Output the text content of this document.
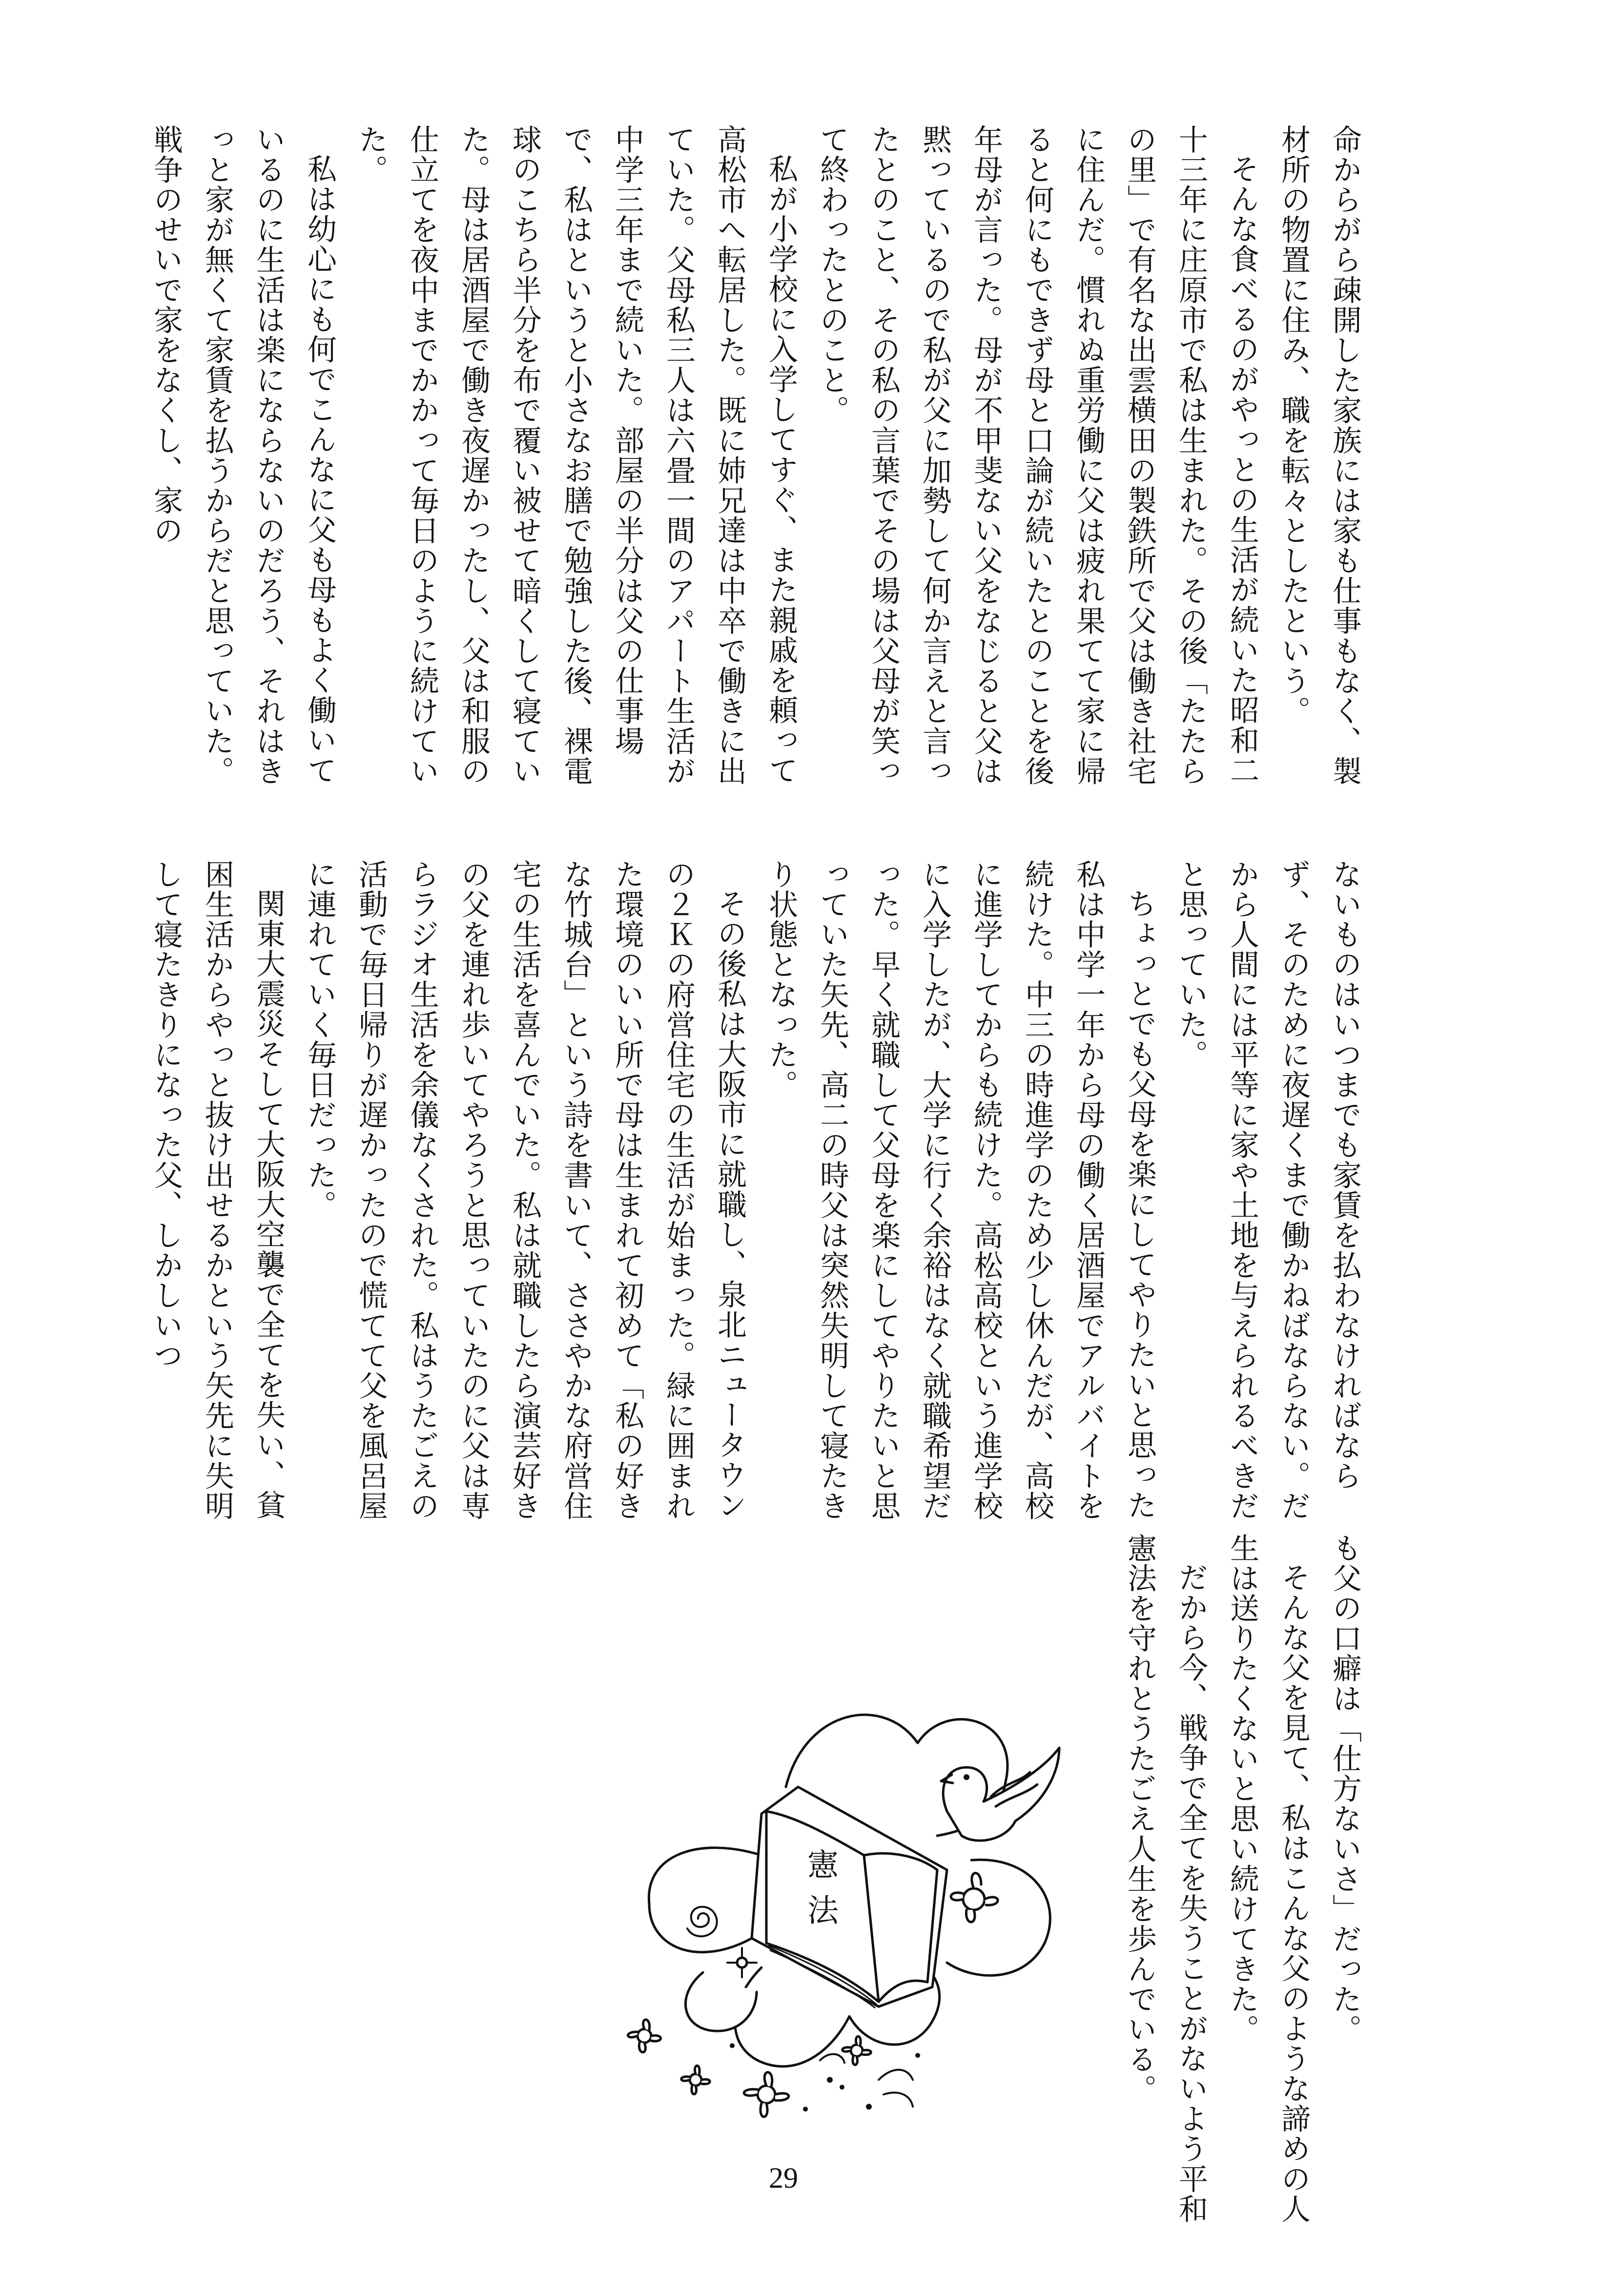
命からがら疎開した家族には家も仕事もなく、製材所の物置に住み、職を転々としたという。

そんな食べるのがやっとの生活が続いた昭和二十三年に庄原市で私は生まれた。その後「たたらの里」で有名な出雲横田の製鉄所で父は働き社宅に住んだ。慣れぬ重労働に父は疲れ果てて家に帰ると何にもできず母と口論が続いたとのことを後年母が言った。母が不甲斐ない父をなじると父は黙っているので私が父に加勢して何か言えと言ったとのこと、その私の言葉でその場は父母が笑って終わったとのこと。

私が小学校に入学してすぐ、また親戚を頼って高松市へ転居した。既に姉兄達は中卒で働きに出ていた。父母私三人は六畳一間のアパート生活が中学三年まで続いた。部屋の半分は父の仕事場で、私はというと小さなお膳で勉強した後、裸電球のこちら半分を布で覆い被せて暗くして寝ていた。母は居酒屋で働き夜遅かったし、父は和服の仕立てを夜中までかかって毎日のように続けていた。

私は幼心にも何でこんなに父も母もよく働いているのに生活は楽にならないのだろう、それはきっと家が無くて家賃を払うからだと思っていた。戦争のせいで家をなくし、家の

ないものはいつまでも家賃を払わなければならず、そのために夜遅くまで働かねばならない。だから人間には平等に家や土地を与えられるべきだと思っていた。

ちょっとでも父母を楽にしてやりたいと思った私は中学一年から母の働く居酒屋でアルバイトを続けた。中三の時進学のため少し休んだが、高校に進学してからも続けた。高松高校という進学校に入学したが、大学に行く余裕はなく就職希望だった。早く就職して父母を楽にしてやりたいと思っていた矢先、高二の時父は突然失明して寝たきり状態となった。

その後私は大阪市に就職し、泉北ニュータウンの２Ｋの府営住宅の生活が始まった。緑に囲まれた環境のいい所で母は生まれて初めて「私の好きな竹城台」という詩を書いて、ささやかな府営住宅の生活を喜んでいた。私は就職したら演芸好きの父を連れ歩いてやろうと思っていたのに父は専らラジオ生活を余儀なくされた。私はうたごえの活動で毎日帰りが遅かったので慌てて父を風呂屋に連れていく毎日だった。

関東大震災そして大阪大空襲で全てを失い、貧困生活からやっと抜け出せるかという矢先に失明して寝たきりになった父、しかしいつ

も父の口癖は「仕方ないさ」だった。

そんな父を見て、私はこんな父のような諦めの人生は送りたくないと思い続けてきた。

だから今、戦争で全てを失うことがないよう平和憲法を守れとうたごえ人生を歩んでいる。

憲法
29
